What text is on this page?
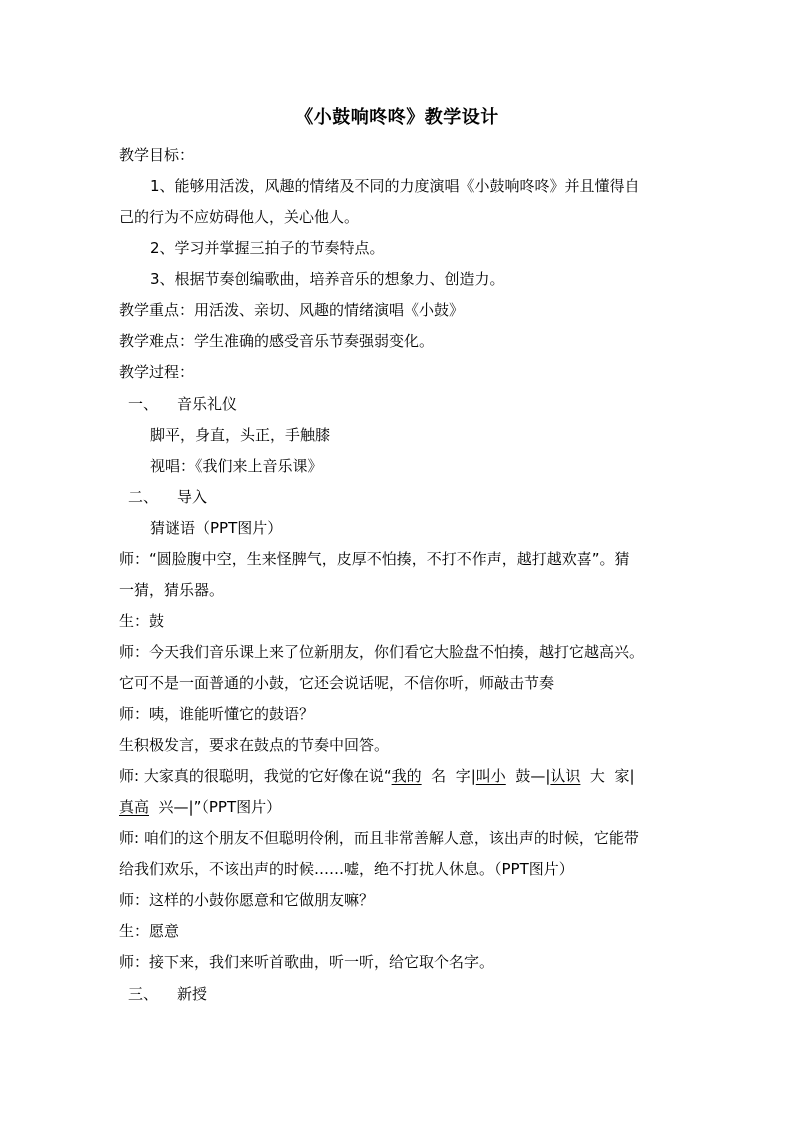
《小鼓响咚咚》教学设计
教学目标：
1、能够用活泼，风趣的情绪及不同的力度演唱《小鼓响咚咚》并且懂得自
己的行为不应妨碍他人，关心他人。
2、学习并掌握三拍子的节奏特点。
3、根据节奏创编歌曲，培养音乐的想象力、创造力。
教学重点：用活泼、亲切、风趣的情绪演唱《小鼓》
教学难点：学生准确的感受音乐节奏强弱变化。
教学过程：
一、 音乐礼仪
脚平，身直，头正，手触膝
视唱：《我们来上音乐课》
二、 导入
猜谜语（PPT图片）
师：“圆脸腹中空，生来怪脾气，皮厚不怕揍，不打不作声，越打越欢喜”。猜
一猜，猜乐器。
生：鼓
师：今天我们音乐课上来了位新朋友，你们看它大脸盘不怕揍，越打它越高兴。
它可不是一面普通的小鼓，它还会说话呢，不信你听，师敲击节奏
师：咦，谁能听懂它的鼓语？
生积极发言，要求在鼓点的节奏中回答。
师: 大家真的很聪明，我觉的它好像在说“我的  名  字|叫小  鼓—|认识  大  家|
真高  兴—|”（PPT图片）
师: 咱们的这个朋友不但聪明伶俐，而且非常善解人意，该出声的时候，它能带
给我们欢乐，不该出声的时候……嘘，绝不打扰人休息。（PPT图片）
师：这样的小鼓你愿意和它做朋友嘛？
生：愿意
师：接下来，我们来听首歌曲，听一听，给它取个名字。
三、 新授
